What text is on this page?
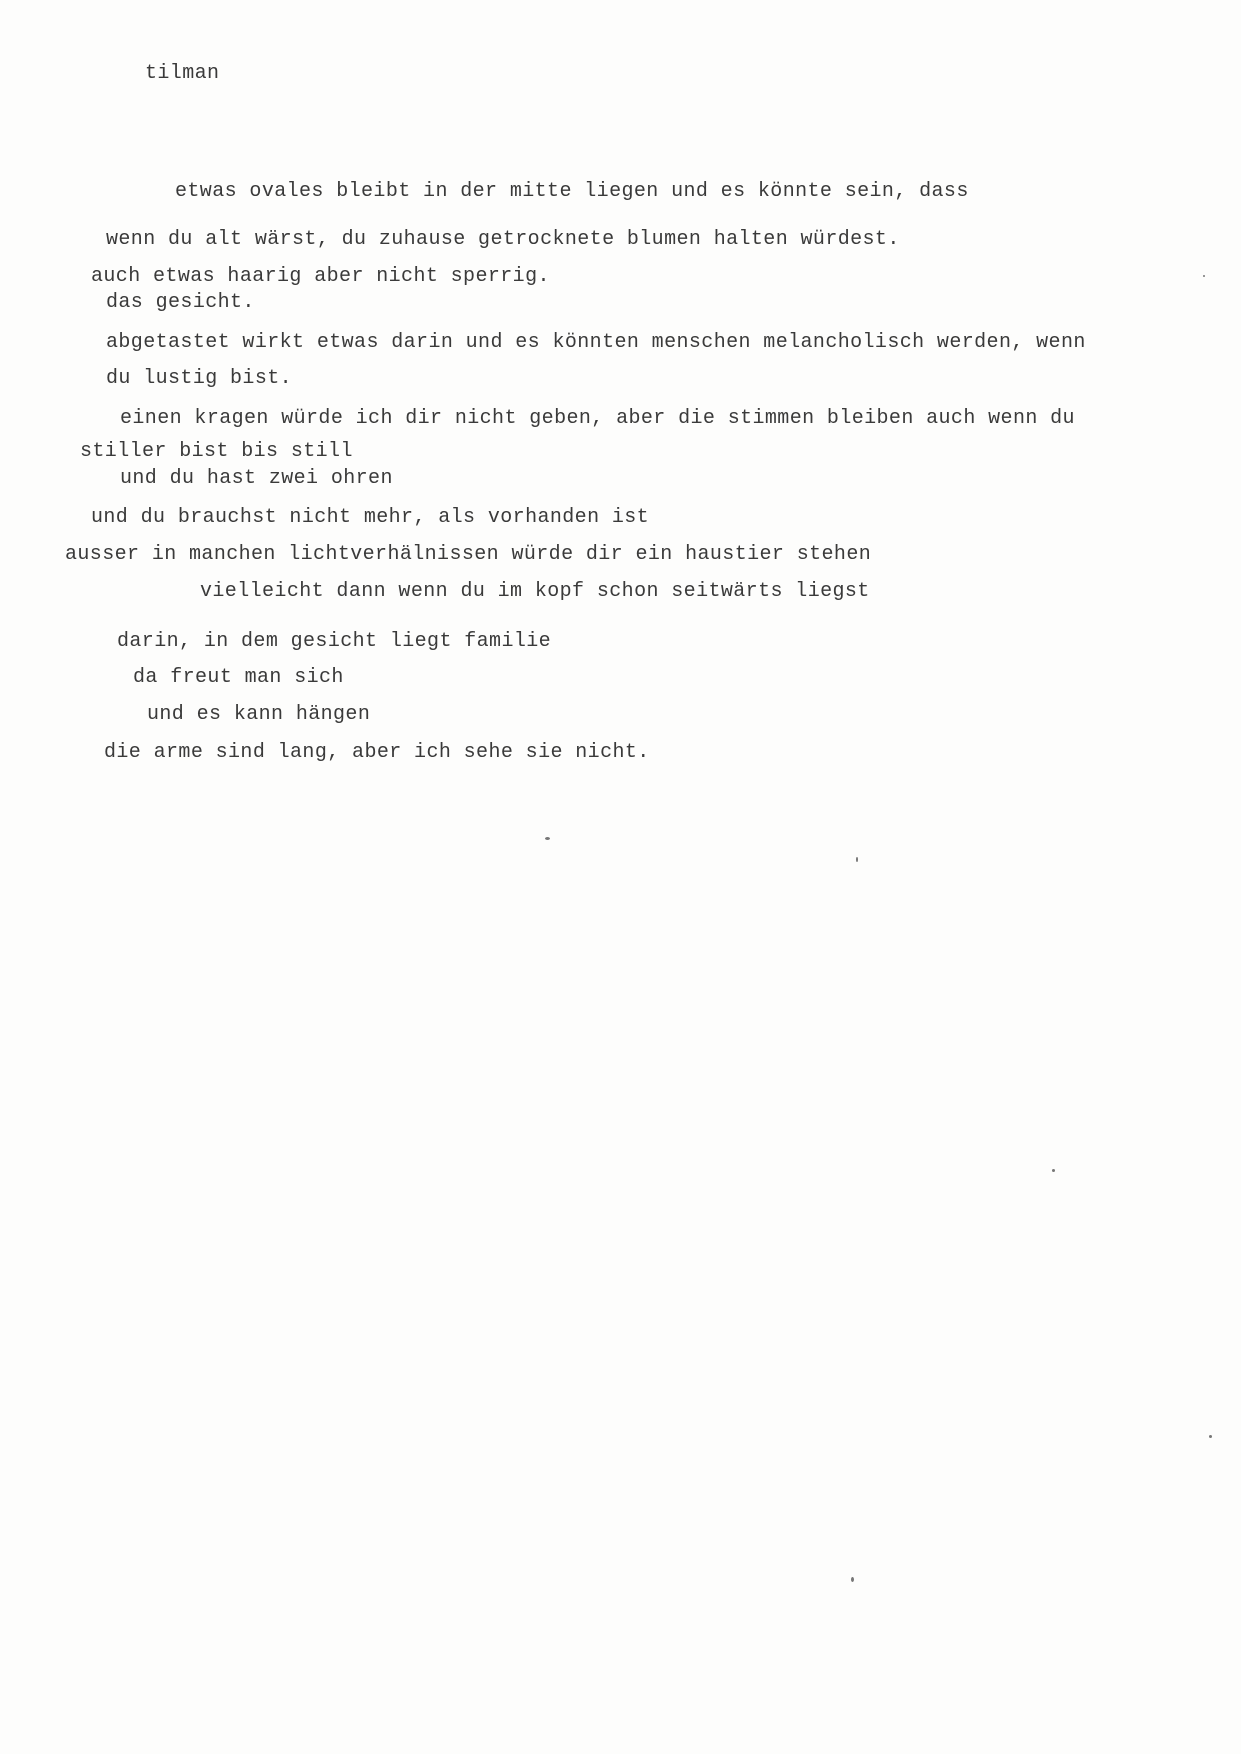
tilman
etwas ovales bleibt in der mitte liegen und es könnte sein, dass
wenn du alt wärst, du zuhause getrocknete blumen halten würdest.
auch etwas haarig aber nicht sperrig.
das gesicht.
abgetastet wirkt etwas darin und es könnten menschen melancholisch werden, wenn
du lustig bist.
einen kragen würde ich dir nicht geben, aber die stimmen bleiben auch wenn du
stiller bist bis still
und du hast zwei ohren
und du brauchst nicht mehr, als vorhanden ist
ausser in manchen lichtverhälnissen würde dir ein haustier stehen
vielleicht dann wenn du im kopf schon seitwärts liegst
darin, in dem gesicht liegt familie
da freut man sich
und es kann hängen
die arme sind lang, aber ich sehe sie nicht.
